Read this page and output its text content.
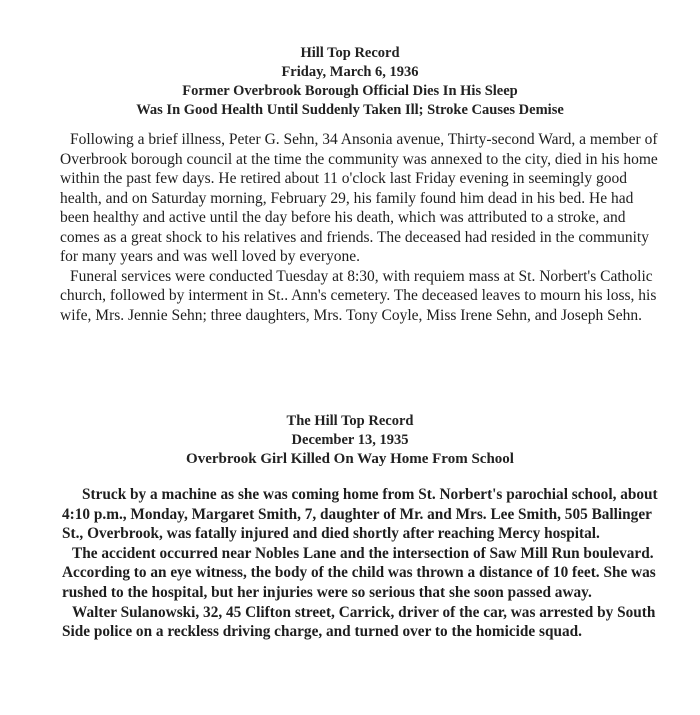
Hill Top Record
Friday, March 6, 1936
Former Overbrook Borough Official Dies In His Sleep
Was In Good Health Until Suddenly Taken Ill; Stroke Causes Demise

Following a brief illness, Peter G. Sehn, 34 Ansonia avenue, Thirty-second Ward, a member of Overbrook borough council at the time the community was annexed to the city, died in his home within the past few days. He retired about 11 o'clock last Friday evening in seemingly good health, and on Saturday morning, February 29, his family found him dead in his bed. He had been healthy and active until the day before his death, which was attributed to a stroke, and comes as a great shock to his relatives and friends. The deceased had resided in the community for many years and was well loved by everyone.

Funeral services were conducted Tuesday at 8:30, with requiem mass at St. Norbert's Catholic church, followed by interment in St.. Ann's cemetery. The deceased leaves to mourn his loss, his wife, Mrs. Jennie Sehn; three daughters, Mrs. Tony Coyle, Miss Irene Sehn, and Joseph Sehn.

The Hill Top Record
December 13, 1935
Overbrook Girl Killed On Way Home From School

Struck by a machine as she was coming home from St. Norbert's parochial school, about 4:10 p.m., Monday, Margaret Smith, 7, daughter of Mr. and Mrs. Lee Smith, 505 Ballinger St., Overbrook, was fatally injured and died shortly after reaching Mercy hospital.

The accident occurred near Nobles Lane and the intersection of Saw Mill Run boulevard. According to an eye witness, the body of the child was thrown a distance of 10 feet. She was rushed to the hospital, but her injuries were so serious that she soon passed away.

Walter Sulanowski, 32, 45 Clifton street, Carrick, driver of the car, was arrested by South Side police on a reckless driving charge, and turned over to the homicide squad.
